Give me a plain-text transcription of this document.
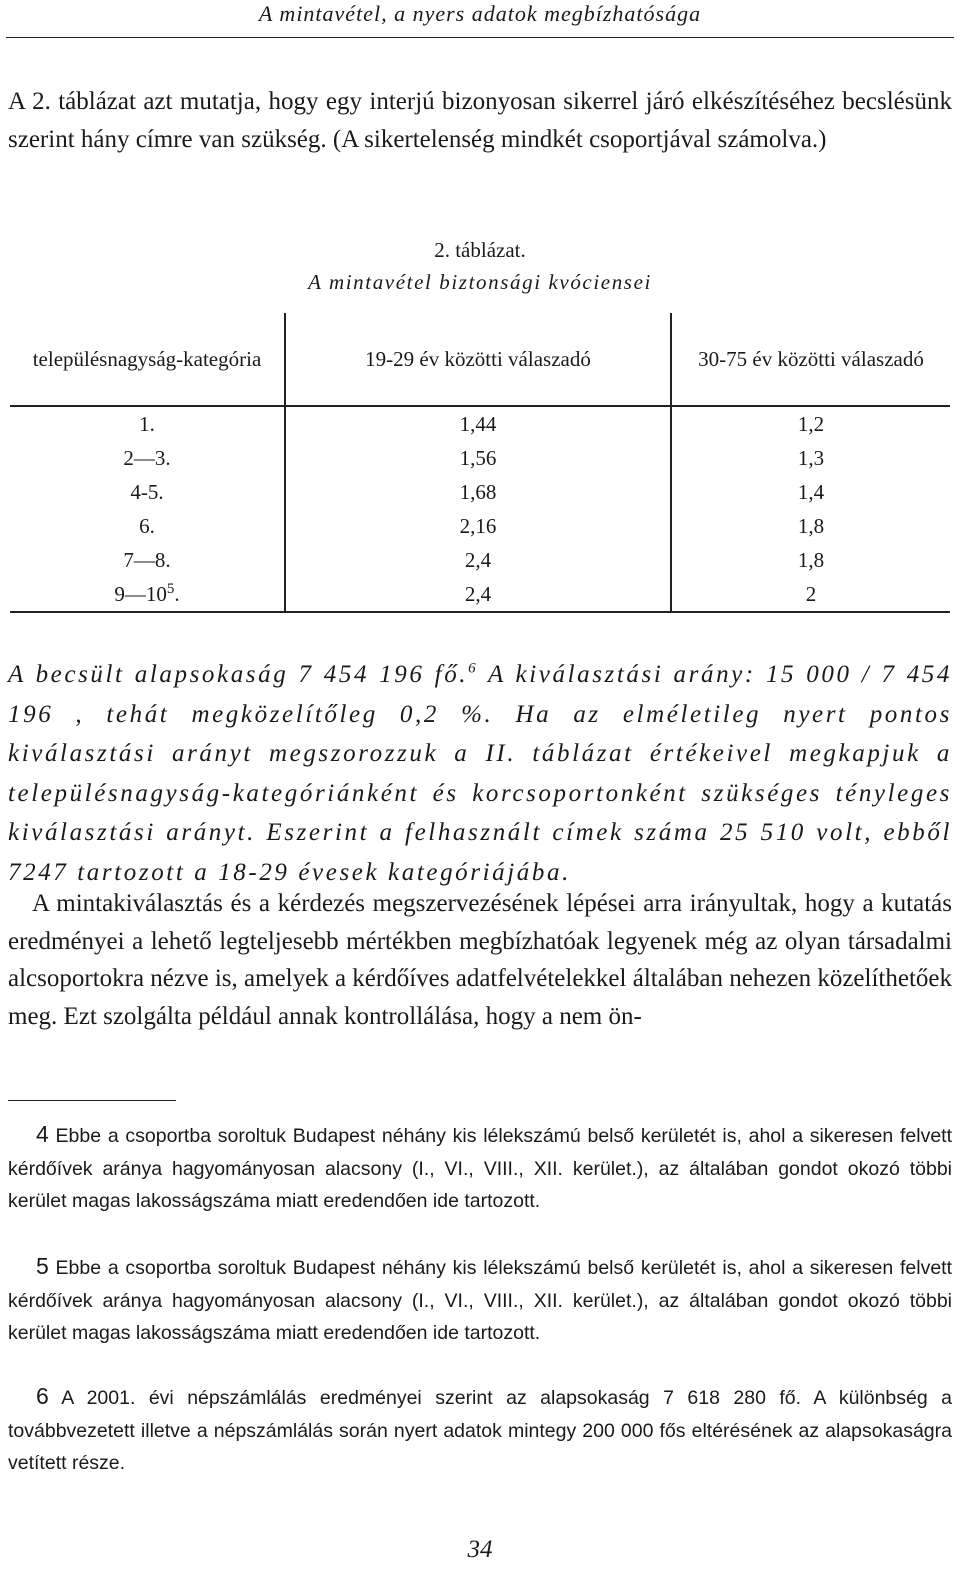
A mintavétel, a nyers adatok megbízhatósága

A 2. táblázat azt mutatja, hogy egy interjú bizonyosan sikerrel járó elkészítéséhez becslésünk szerint hány címre van szükség. (A sikertelenség mindkét csoportjával számolva.)

2. táblázat.
A mintavétel biztonsági kvóciensei
településnagyság-kategória	19-29 év közötti válaszadó	30-75 év közötti válaszadó
1.	1,44	1,2
2—3.	1,56	1,3
4-5.	1,68	1,4
6.	2,16	1,8
7—8.	2,4	1,8
$9—10^5$.	2,4	2

A becsült alapsokaság 7 454 196 fő.$^6$ A kiválasztási arány: 15 000 / 7 454 196 , tehát megközelítőleg 0,2 %. Ha az elméletileg nyert pontos kiválasztási arányt megszorozzuk a II. táblázat értékeivel megkapjuk a településnagyság-kategóriánként és korcsoportonként szükséges tényleges kiválasztási arányt. Eszerint a felhasznált címek száma 25 510 volt, ebből 7247 tartozott a 18-29 évesek kategóriájába.

A mintakiválasztás és a kérdezés megszervezésének lépései arra irányultak, hogy a kutatás eredményei a lehető legteljesebb mértékben megbízhatóak legyenek még az olyan társadalmi alcsoportokra nézve is, amelyek a kérdőíves adatfelvételekkel általában nehezen közelíthetőek meg. Ezt szolgálta például annak kontrollálása, hogy a nem ön-

4 Ebbe a csoportba soroltuk Budapest néhány kis lélekszámú belső kerületét is, ahol a sikeresen felvett kérdőívek aránya hagyományosan alacsony (I., VI., VIII., XII. kerület.), az általában gondot okozó többi kerület magas lakosságszáma miatt eredendően ide tartozott.

5 Ebbe a csoportba soroltuk Budapest néhány kis lélekszámú belső kerületét is, ahol a sikeresen felvett kérdőívek aránya hagyományosan alacsony (I., VI., VIII., XII. kerület.), az általában gondot okozó többi kerület magas lakosságszáma miatt eredendően ide tartozott.

6 A 2001. évi népszámlálás eredményei szerint az alapsokaság 7 618 280 fő. A különbség a továbbvezetett illetve a népszámlálás során nyert adatok mintegy 200 000 fős eltérésének az alapsokaságra vetített része.

34
